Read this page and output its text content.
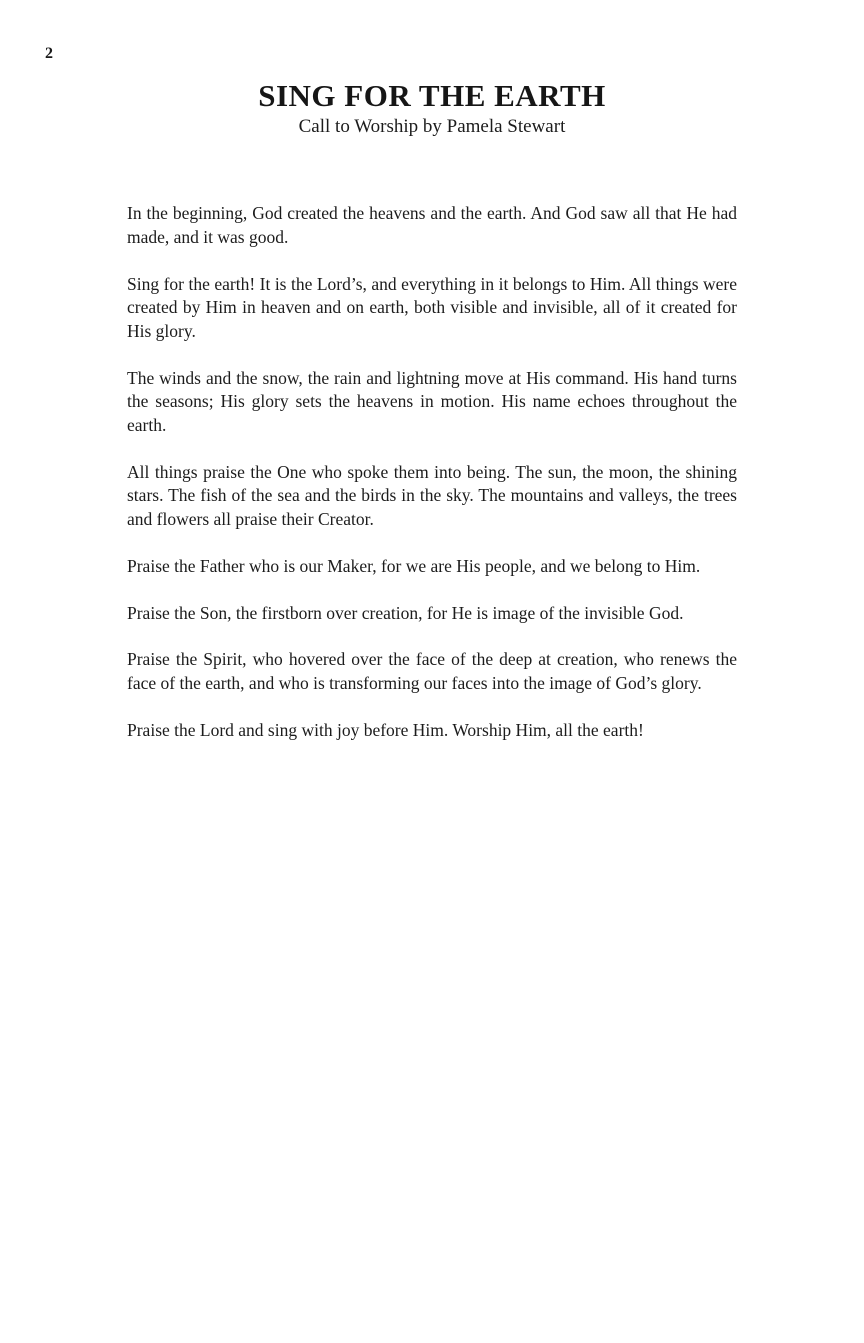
2
SING FOR THE EARTH
Call to Worship by Pamela Stewart

In the beginning, God created the heavens and the earth. And God saw all that He had made, and it was good.

Sing for the earth! It is the Lord’s, and everything in it belongs to Him. All things were created by Him in heaven and on earth, both visible and invisible, all of it created for His glory.

The winds and the snow, the rain and lightning move at His command. His hand turns the seasons; His glory sets the heavens in motion. His name echoes throughout the earth.

All things praise the One who spoke them into being. The sun, the moon, the shining stars. The fish of the sea and the birds in the sky. The mountains and valleys, the trees and flowers all praise their Creator.

Praise the Father who is our Maker, for we are His people, and we belong to Him.

Praise the Son, the firstborn over creation, for He is image of the invisible God.

Praise the Spirit, who hovered over the face of the deep at creation, who renews the face of the earth, and who is transforming our faces into the image of God’s glory.

Praise the Lord and sing with joy before Him. Worship Him, all the earth!
